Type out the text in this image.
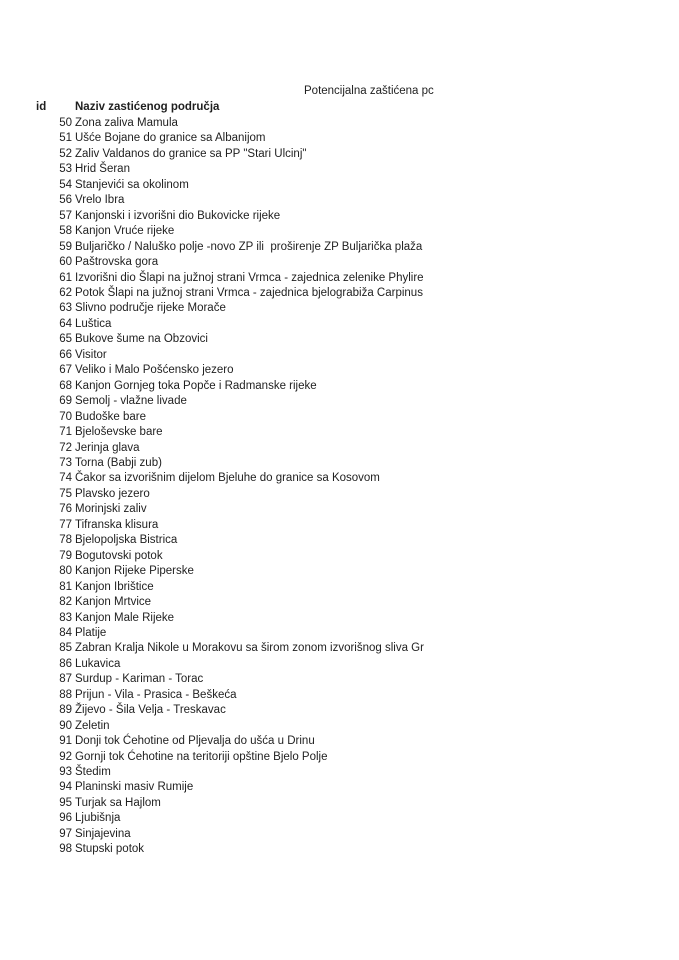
Potencijalna zaštićena pc
id	Naziv zastićenog područja
50 Zona zaliva Mamula
51 Ušće Bojane do granice sa Albanijom
52 Zaliv Valdanos do granice sa PP "Stari Ulcinj"
53 Hrid Šeran
54 Stanjevići sa okolinom
56 Vrelo Ibra
57 Kanjonski i izvorišni dio Bukovicke rijeke
58 Kanjon Vruće rijeke
59 Buljaričko / Naluško polje -novo ZP ili  proširenje ZP Buljarička plaža
60 Paštrovska gora
61 Izvorišni dio Šlapi na južnoj strani Vrmca - zajednica zelenike Phylire
62 Potok Šlapi na južnoj strani Vrmca - zajednica bjelograbiža Carpinus
63 Slivno područje rijeke Morače
64 Luštica
65 Bukove šume na Obzovici
66 Visitor
67 Veliko i Malo Pošćensko jezero
68 Kanjon Gornjeg toka Popče i Radmanske rijeke
69 Semolj - vlažne livade
70 Budoške bare
71 Bjeloševske bare
72 Jerinja glava
73 Torna (Babji zub)
74 Čakor sa izvorišnim dijelom Bjeluhe do granice sa Kosovom
75 Plavsko jezero
76 Morinjski zaliv
77 Tifranska klisura
78 Bjelopoljska Bistrica
79 Bogutovski potok
80 Kanjon Rijeke Piperske
81 Kanjon Ibrištice
82 Kanjon Mrtvice
83 Kanjon Male Rijeke
84 Platije
85 Zabran Kralja Nikole u Morakovu sa širom zonom izvorišnog sliva Gr
86 Lukavica
87 Surdup - Kariman - Torac
88 Prijun - Vila - Prasica - Beškeća
89 Žijevo - Šila Velja - Treskavac
90 Zeletin
91 Donji tok Ćehotine od Pljevalja do ušća u Drinu
92 Gornji tok Ćehotine na teritoriji opštine Bjelo Polje
93 Štedim
94 Planinski masiv Rumije
95 Turjak sa Hajlom
96 Ljubišnja
97 Sinjajevina
98 Stupski potok
